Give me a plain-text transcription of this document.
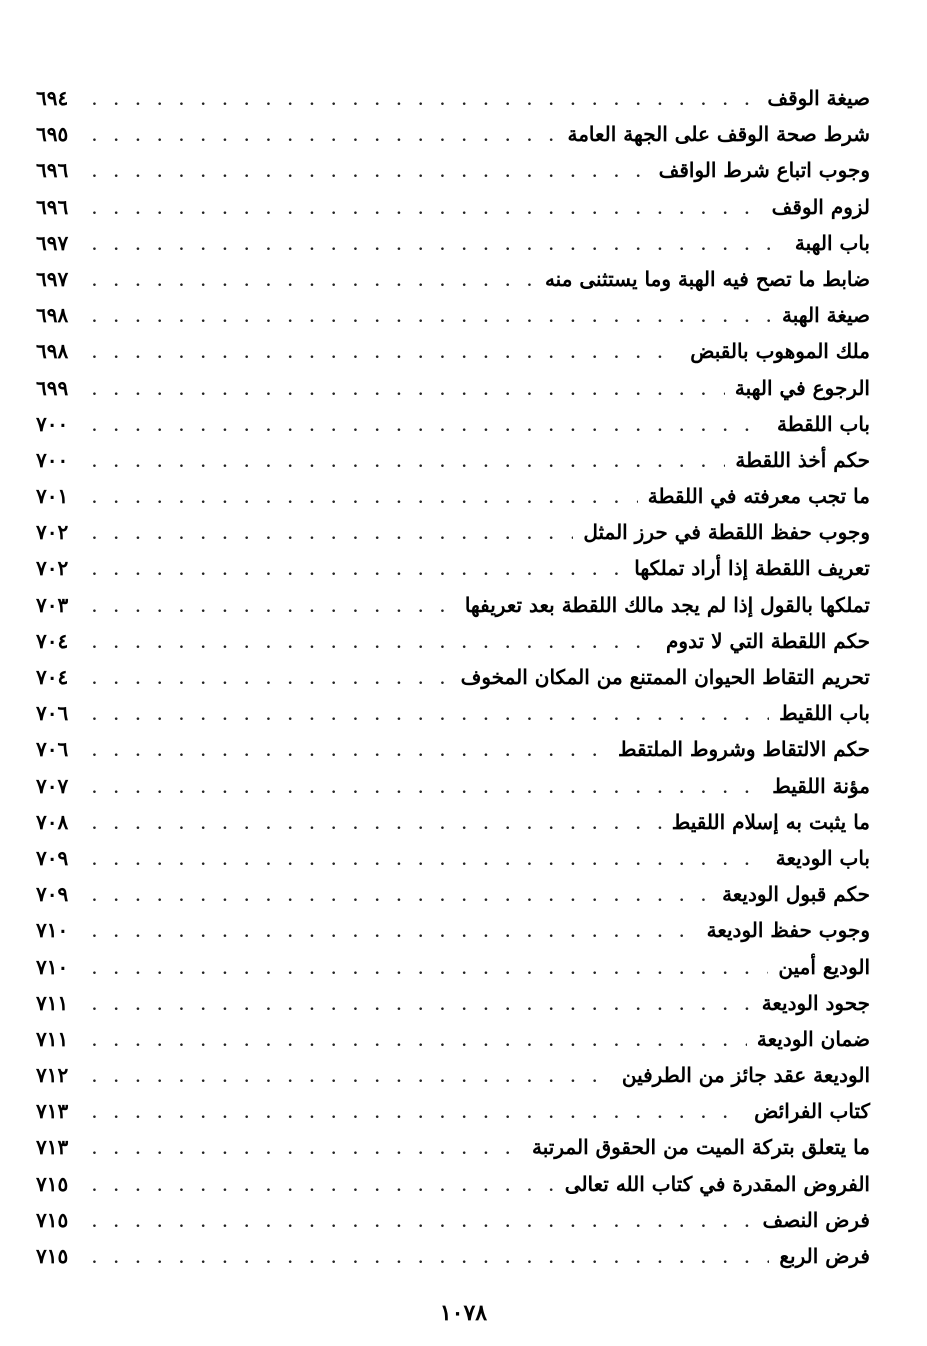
صيغة الوقف
. . .
٦٩٤
شرط صحة الوقف على الجهة العامة
. . .
٦٩٥
وجوب اتباع شرط الواقف
. . .
٦٩٦
لزوم الوقف
. . .
٦٩٦
باب الهبة
. . .
٦٩٧
ضابط ما تصح فيه الهبة وما يستثنى منه
. . .
٦٩٧
صيغة الهبة
. . .
٦٩٨
ملك الموهوب بالقبض
. . .
٦٩٨
الرجوع في الهبة
. . .
٦٩٩
باب اللقطة
. . .
٧٠٠
حكم أخذ اللقطة
. . .
٧٠٠
ما تجب معرفته في اللقطة
. . .
٧٠١
وجوب حفظ اللقطة في حرز المثل
. . .
٧٠٢
تعريف اللقطة إذا أراد تملكها
. . .
٧٠٢
تملكها بالقول إذا لم يجد مالك اللقطة بعد تعريفها
. . .
٧٠٣
حكم اللقطة التي لا تدوم
. . .
٧٠٤
تحريم التقاط الحيوان الممتنع من المكان المخوف
. . .
٧٠٤
باب اللقيط
. . .
٧٠٦
حكم الالتقاط وشروط الملتقط
. . .
٧٠٦
مؤنة اللقيط
. . .
٧٠٧
ما يثبت به إسلام اللقيط
. . .
٧٠٨
باب الوديعة
. . .
٧٠٩
حكم قبول الوديعة
. . .
٧٠٩
وجوب حفظ الوديعة
. . .
٧١٠
الوديع أمين
. . .
٧١٠
جحود الوديعة
. . .
٧١١
ضمان الوديعة
. . .
٧١١
الوديعة عقد جائز من الطرفين
. . .
٧١٢
كتاب الفرائض
. . .
٧١٣
ما يتعلق بتركة الميت من الحقوق المرتبة
. . .
٧١٣
الفروض المقدرة في كتاب الله تعالى
. . .
٧١٥
فرض النصف
. . .
٧١٥
فرض الربع
. . .
٧١٥
١٠٧٨
